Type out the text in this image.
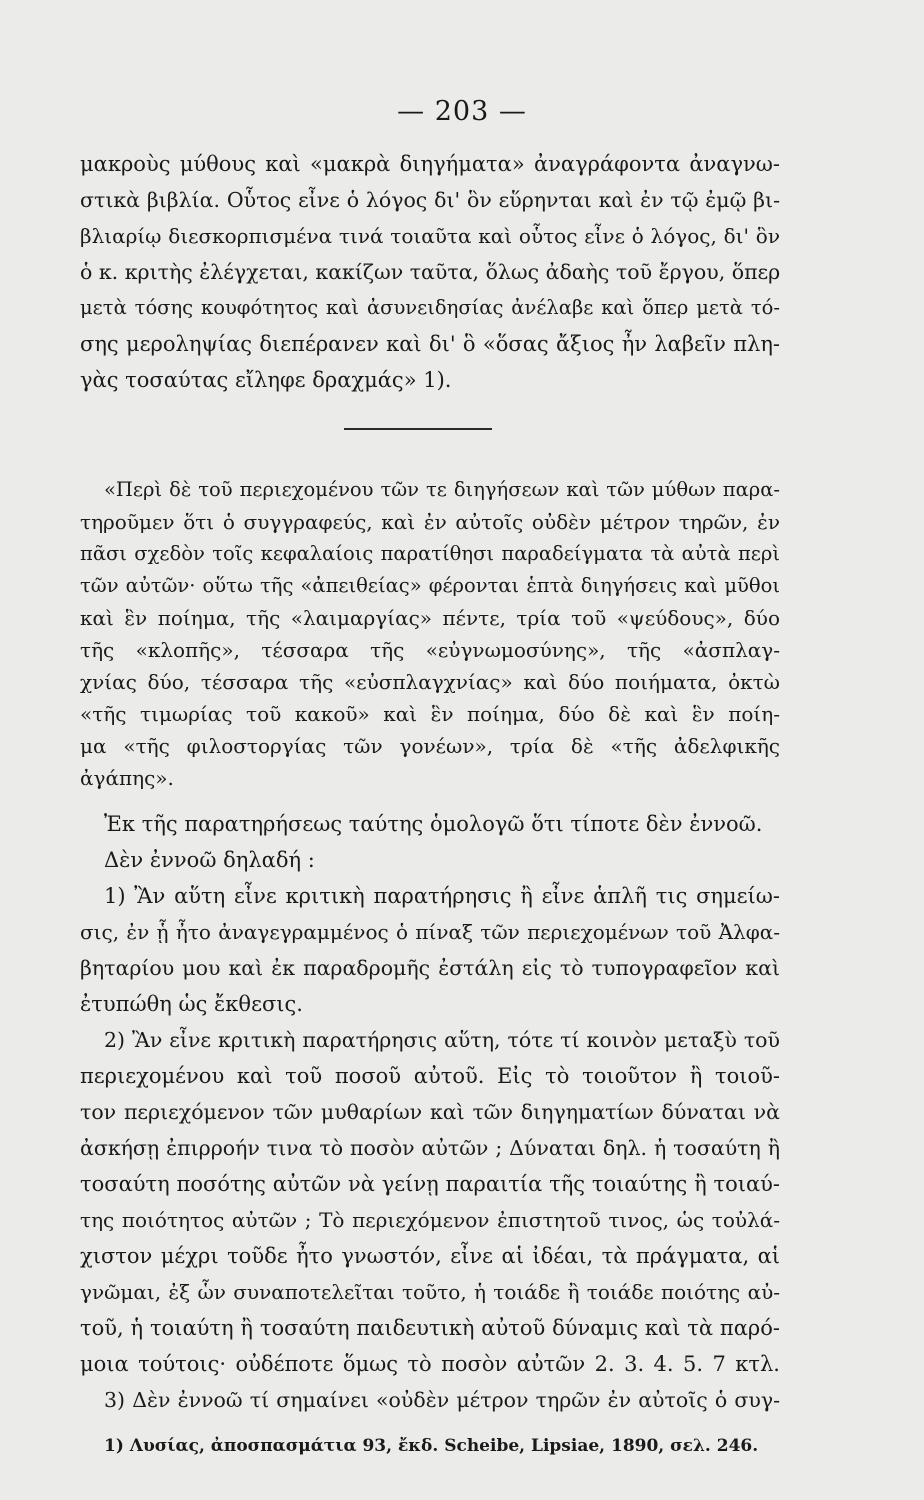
— 203 —
μακροὺς μύθους καὶ «μακρὰ διηγήματα» ἀναγράφοντα ἀναγνω-
στικὰ βιβλία. Οὗτος εἶνε ὁ λόγος δι' ὃν εὕρηνται καὶ ἐν τῷ ἐμῷ βι-
βλιαρίῳ διεσκορπισμένα τινά τοιαῦτα καὶ οὗτος εἶνε ὁ λόγος, δι' ὃν
ὁ κ. κριτὴς ἐλέγχεται, κακίζων ταῦτα, ὅλως ἀδαὴς τοῦ ἔργου, ὅπερ
μετὰ τόσης κουφότητος καὶ ἀσυνειδησίας ἀνέλαβε καὶ ὅπερ μετὰ τό-
σης μεροληψίας διεπέρανεν καὶ δι' ὃ «ὅσας ἄξιος ἦν λαβεῖν πλη-
γὰς τοσαύτας εἴληφε δραχμάς» 1).
«Περὶ δὲ τοῦ περιεχομένου τῶν τε διηγήσεων καὶ τῶν μύθων παρα-
τηροῦμεν ὅτι ὁ συγγραφεύς, καὶ ἐν αὐτοῖς οὐδὲν μέτρον τηρῶν, ἐν
πᾶσι σχεδὸν τοῖς κεφαλαίοις παρατίθησι παραδείγματα τὰ αὐτὰ περὶ
τῶν αὐτῶν· οὕτω τῆς «ἀπειθείας» φέρονται ἑπτὰ διηγήσεις καὶ μῦθοι
καὶ ἓν ποίημα, τῆς «λαιμαργίας» πέντε, τρία τοῦ «ψεύδους», δύο
τῆς «κλοπῆς», τέσσαρα τῆς «εὐγνωμοσύνης», τῆς «ἀσπλαγ-
χνίας δύο, τέσσαρα τῆς «εὐσπλαγχνίας» καὶ δύο ποιήματα, ὀκτὼ
«τῆς τιμωρίας τοῦ κακοῦ» καὶ ἓν ποίημα, δύο δὲ καὶ ἓν ποίη-
μα «τῆς φιλοστοργίας τῶν γονέων», τρία δὲ «τῆς ἀδελφικῆς
ἀγάπης».
Ἐκ τῆς παρατηρήσεως ταύτης ὁμολογῶ ὅτι τίποτε δὲν ἐννοῶ.
Δὲν ἐννοῶ δηλαδή :
1) Ἂν αὕτη εἶνε κριτικὴ παρατήρησις ἢ εἶνε ἁπλῆ τις σημείω-
σις, ἐν ᾗ ἦτο ἀναγεγραμμένος ὁ πίναξ τῶν περιεχομένων τοῦ Ἀλφα-
βηταρίου μου καὶ ἐκ παραδρομῆς ἐστάλη εἰς τὸ τυπογραφεῖον καὶ
ἐτυπώθη ὡς ἔκθεσις.
2) Ἂν εἶνε κριτικὴ παρατήρησις αὕτη, τότε τί κοινὸν μεταξὺ τοῦ
περιεχομένου καὶ τοῦ ποσοῦ αὐτοῦ. Εἰς τὸ τοιοῦτον ἢ τοιοῦ-
τον περιεχόμενον τῶν μυθαρίων καὶ τῶν διηγηματίων δύναται νὰ
ἀσκήσῃ ἐπιρροήν τινα τὸ ποσὸν αὐτῶν ; Δύναται δηλ. ἡ τοσαύτη ἢ
τοσαύτη ποσότης αὐτῶν νὰ γείνῃ παραιτία τῆς τοιαύτης ἢ τοιαύ-
της ποιότητος αὐτῶν ; Τὸ περιεχόμενον ἐπιστητοῦ τινος, ὡς τοὐλά-
χιστον μέχρι τοῦδε ἦτο γνωστόν, εἶνε αἱ ἰδέαι, τὰ πράγματα, αἱ
γνῶμαι, ἐξ ὧν συναποτελεῖται τοῦτο, ἡ τοιάδε ἢ τοιάδε ποιότης αὐ-
τοῦ, ἡ τοιαύτη ἢ τοσαύτη παιδευτικὴ αὐτοῦ δύναμις καὶ τὰ παρό-
μοια τούτοις· οὐδέποτε ὅμως τὸ ποσὸν αὐτῶν 2. 3. 4. 5. 7 κτλ.
3) Δὲν ἐννοῶ τί σημαίνει «οὐδὲν μέτρον τηρῶν ἐν αὐτοῖς ὁ συγ-
1) Λυσίας, ἀποσπασμάτια 93, ἔκδ. Scheibe, Lipsiae, 1890, σελ. 246.
